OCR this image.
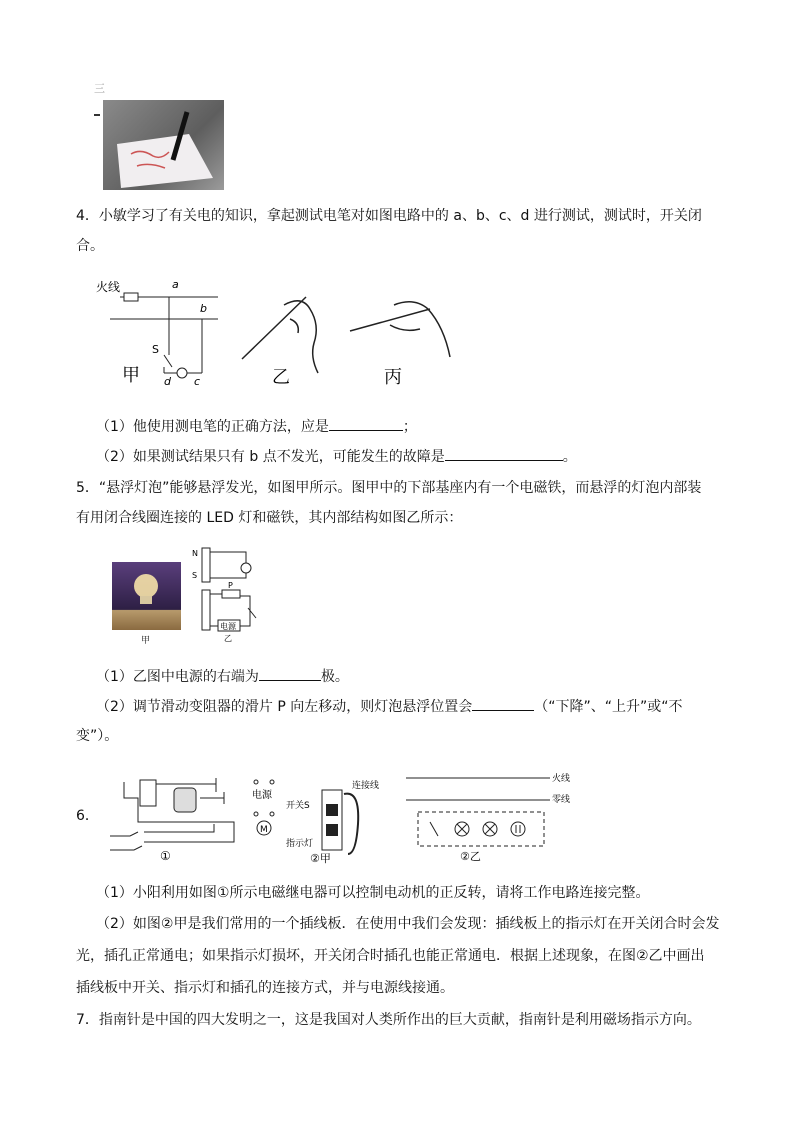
三
4．小敏学习了有关电的知识，拿起测试电笔对如图电路中的 a、b、c、d 进行测试，测试时，开关闭
合。
火线	a
b
S
d c
甲	乙	丙
（1）他使用测电笔的正确方法，应是	；
（2）如果测试结果只有 b 点不发光，可能发生的故障是	。
5．“悬浮灯泡”能够悬浮发光，如图甲所示。图甲中的下部基座内有一个电磁铁，而悬浮的灯泡内部装
有用闭合线圈连接的 LED 灯和磁铁，其内部结构如图乙所示：
甲
N
S
P
电源
乙
（1）乙图中电源的右端为	极。
（2）调节滑动变阻器的滑片 P 向左移动，则灯泡悬浮位置会	（“下降”、“上升”或“不
变”）。
6．
①
电源
M
开关S
指示灯
连接线
②甲
火线
零线
②乙
（1）小阳利用如图①所示电磁继电器可以控制电动机的正反转，请将工作电路连接完整。
（2）如图②甲是我们常用的一个插线板．在使用中我们会发现：插线板上的指示灯在开关闭合时会发
光，插孔正常通电；如果指示灯损坏，开关闭合时插孔也能正常通电．根据上述现象，在图②乙中画出
插线板中开关、指示灯和插孔的连接方式，并与电源线接通。
7．指南针是中国的四大发明之一，这是我国对人类所作出的巨大贡献，指南针是利用磁场指示方向。
